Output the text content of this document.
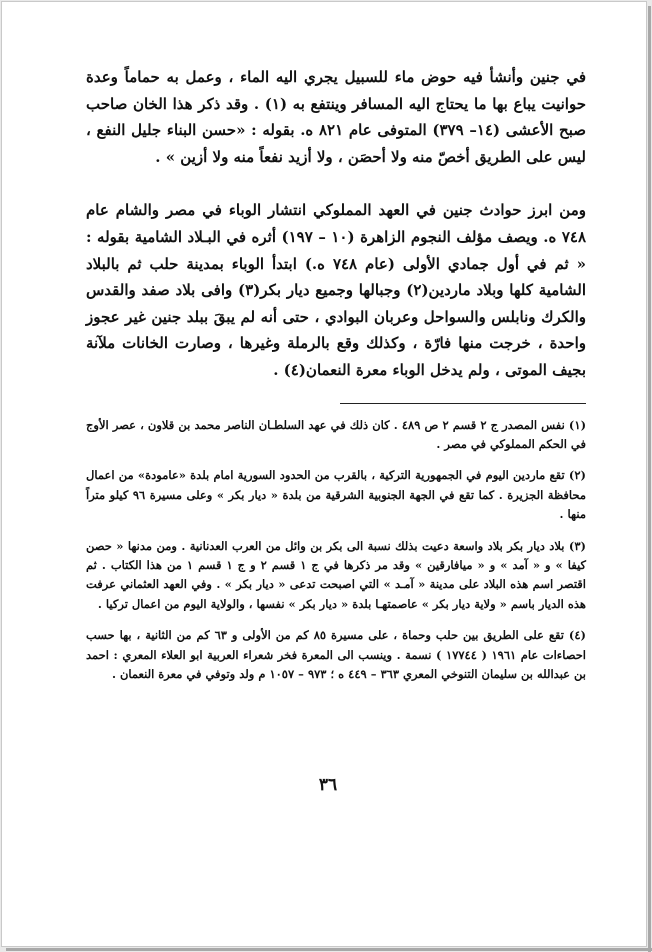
في جنين وأنشأ فيه حوض ماء للسبيل يجري اليه الماء ، وعمل به حماماً وعدة حوانيت يباع بها ما يحتاج اليه المسافر وينتفع به (١) . وقد ذكر هذا الخان صاحب صبح الأعشى (١٤– ٣٧٩) المتوفى عام ٨٢١ ه. بقوله : «حسن البناء جليل النفع ، ليس على الطريق أخصّ منه ولا أحصَن ، ولا أزيد نفعاً منه ولا أزين » .

ومن ابرز حوادث جنين في العهد المملوكي انتشار الوباء في مصر والشام عام ٧٤٨ ه. ويصف مؤلف النجوم الزاهرة (١٠ – ١٩٧) أثره في البـلاد الشامية بقوله : « ثم في أول جمادي الأولى (عام ٧٤٨ ه.) ابتدأ الوباء بمدينة حلب ثم بالبلاد الشامية كلها وبلاد ماردين(٢) وجبالها وجميع ديار بكر(٣) وافى بلاد صفد والقدس والكرك ونابلس والسواحل وعربان البوادي ، حتى أنه لم يبقَ ببلد جنين غير عجوز واحدة ، خرجت منها فارّة ، وكذلك وقع بالرملة وغيرها ، وصارت الخانات ملآنة بجيف الموتى ، ولم يدخل الوباء معرة النعمان(٤) .

(١) نفس المصدر ج ٢ قسم ٢ ص ٤٨٩ . كان ذلك في عهد السلطـان الناصر محمد بن قلاون ، عصر الأوج في الحكم المملوكي في مصر .

(٢) تقع ماردين اليوم في الجمهورية التركية ، بالقرب من الحدود السورية امام بلدة «عامودة» من اعمال محافظة الجزيرة . كما تقع في الجهة الجنوبية الشرقية من بلدة « ديار بكر » وعلى مسيرة ٩٦ كيلو متراً منها .

(٣) بلاد ديار بكر بلاد واسعة دعيت بذلك نسبة الى بكر بن وائل من العرب العدنانية . ومن مدنها « حصن كيفا » و « آمد » و « ميافارقين » وقد مر ذكرها في ج ١ قسم ٢ و ج ١ قسم ١ من هذا الكتاب . ثم اقتصر اسم هذه البلاد على مدينة « آمـد » التي اصبحت تدعى « ديار بكر » . وفي العهد العثماني عرفت هذه الديار باسم « ولاية ديار بكر » عاصمتهـا بلدة « ديار بكر » نفسها ، والولاية اليوم من اعمال تركيا .

(٤) تقع على الطريق بين حلب وحماة ، على مسيرة ٨٥ كم من الأولى و ٦٣ كم من الثانية ، بها حسب احصاءات عام ١٩٦١ ( ١٧٧٤٤ ) نسمة . وينسب الى المعرة فخر شعراء العربية ابو العلاء المعري : احمد بن عبدالله بن سليمان التنوخي المعري ٣٦٣ – ٤٤٩ ه ؛ ٩٧٣ – ١٠٥٧ م ولد وتوفي في معرة النعمان .

٣٦
